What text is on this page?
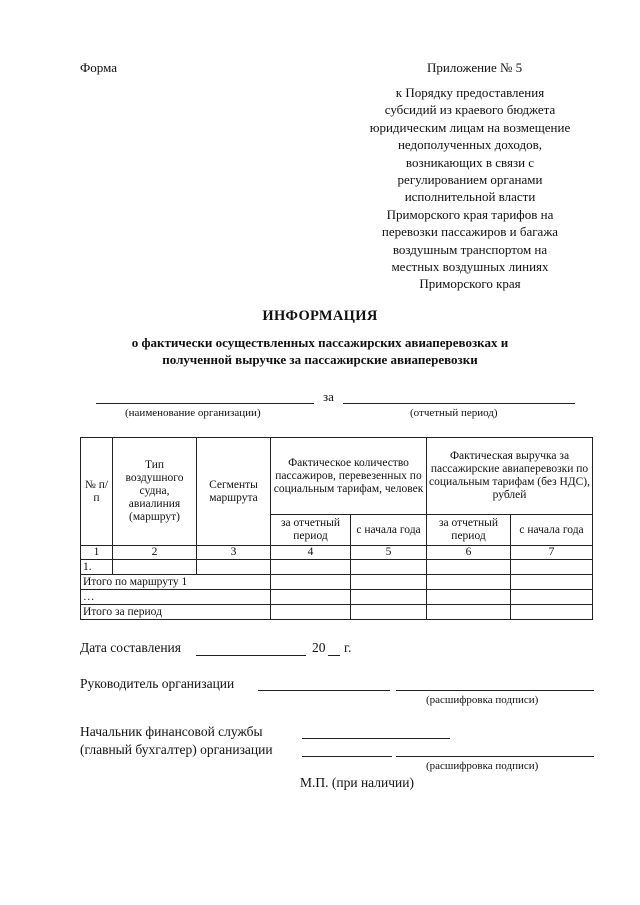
Форма	Приложение № 5
к Порядку предоставления
субсидий из краевого бюджета
юридическим лицам на возмещение
недополученных доходов,
возникающих в связи с
регулированием органами
исполнительной власти
Приморского края тарифов на
перевозки пассажиров и багажа
воздушным транспортом на
местных воздушных линиях
Приморского края
ИНФОРМАЦИЯ
о фактически осуществленных пассажирских авиаперевозках и
полученной выручке за пассажирские авиаперевозки
за
(наименование организации)	(отчетный период)
№ п/п	Тип воздушного судна, авиалиния (маршрут)	Сегменты маршрута	Фактическое количество пассажиров, перевезенных по социальным тарифам, человек		Фактическая выручка за пассажирские авиаперевозки по социальным тарифам (без НДС), рублей	
			за отчетный период	с начала года	за отчетный период	с начала года
1	2	3	4	5	6	7
1.						
Итого по маршруту 1						
…						
Итого за период						
Дата составления	20 г.
Руководитель организации
(расшифровка подписи)
Начальник финансовой службы
(главный бухгалтер) организации
(расшифровка подписи)
М.П. (при наличии)
